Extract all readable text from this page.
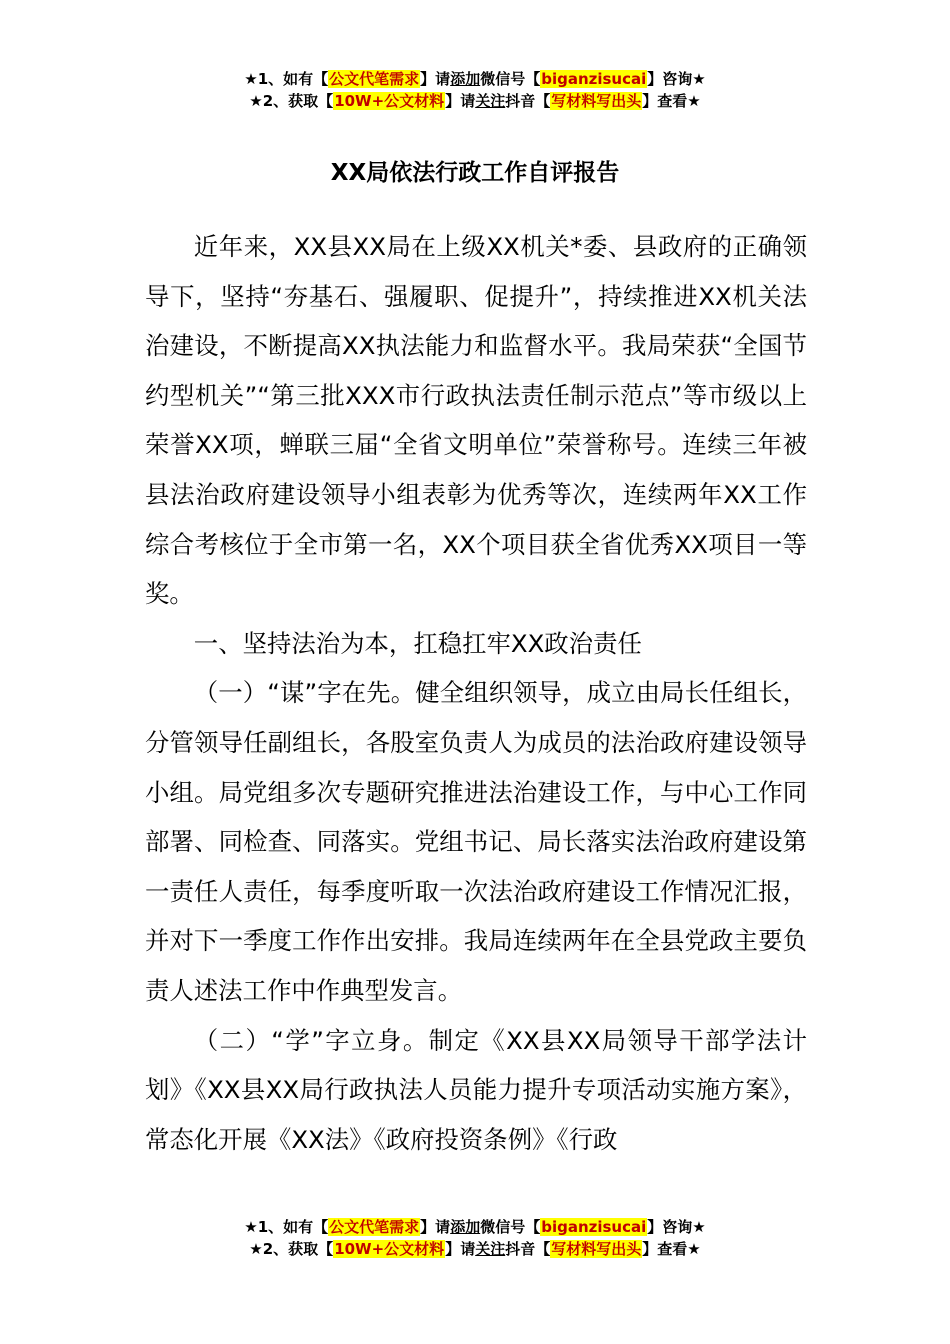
★1、如有【公文代笔需求】请添加微信号【biganzisucai】咨询★
★2、获取【10W+公文材料】请关注抖音【写材料写出头】查看★
XX局依法行政工作自评报告

近年来，XX县XX局在上级XX机关*委、县政府的正确领导下，坚持“夯基石、强履职、促提升”，持续推进XX机关法治建设，不断提高XX执法能力和监督水平。我局荣获“全国节约型机关”“第三批XXX市行政执法责任制示范点”等市级以上荣誉XX项，蝉联三届“全省文明单位”荣誉称号。连续三年被县法治政府建设领导小组表彰为优秀等次，连续两年XX工作综合考核位于全市第一名，XX个项目获全省优秀XX项目一等奖。

一、坚持法治为本，扛稳扛牢XX政治责任

（一）“谋”字在先。健全组织领导，成立由局长任组长，分管领导任副组长，各股室负责人为成员的法治政府建设领导小组。局党组多次专题研究推进法治建设工作，与中心工作同部署、同检查、同落实。党组书记、局长落实法治政府建设第一责任人责任，每季度听取一次法治政府建设工作情况汇报，并对下一季度工作作出安排。我局连续两年在全县党政主要负责人述法工作中作典型发言。

（二）“学”字立身。制定《XX县XX局领导干部学法计划》《XX县XX局行政执法人员能力提升专项活动实施方案》，常态化开展《XX法》《政府投资条例》《行政

★1、如有【公文代笔需求】请添加微信号【biganzisucai】咨询★
★2、获取【10W+公文材料】请关注抖音【写材料写出头】查看★
